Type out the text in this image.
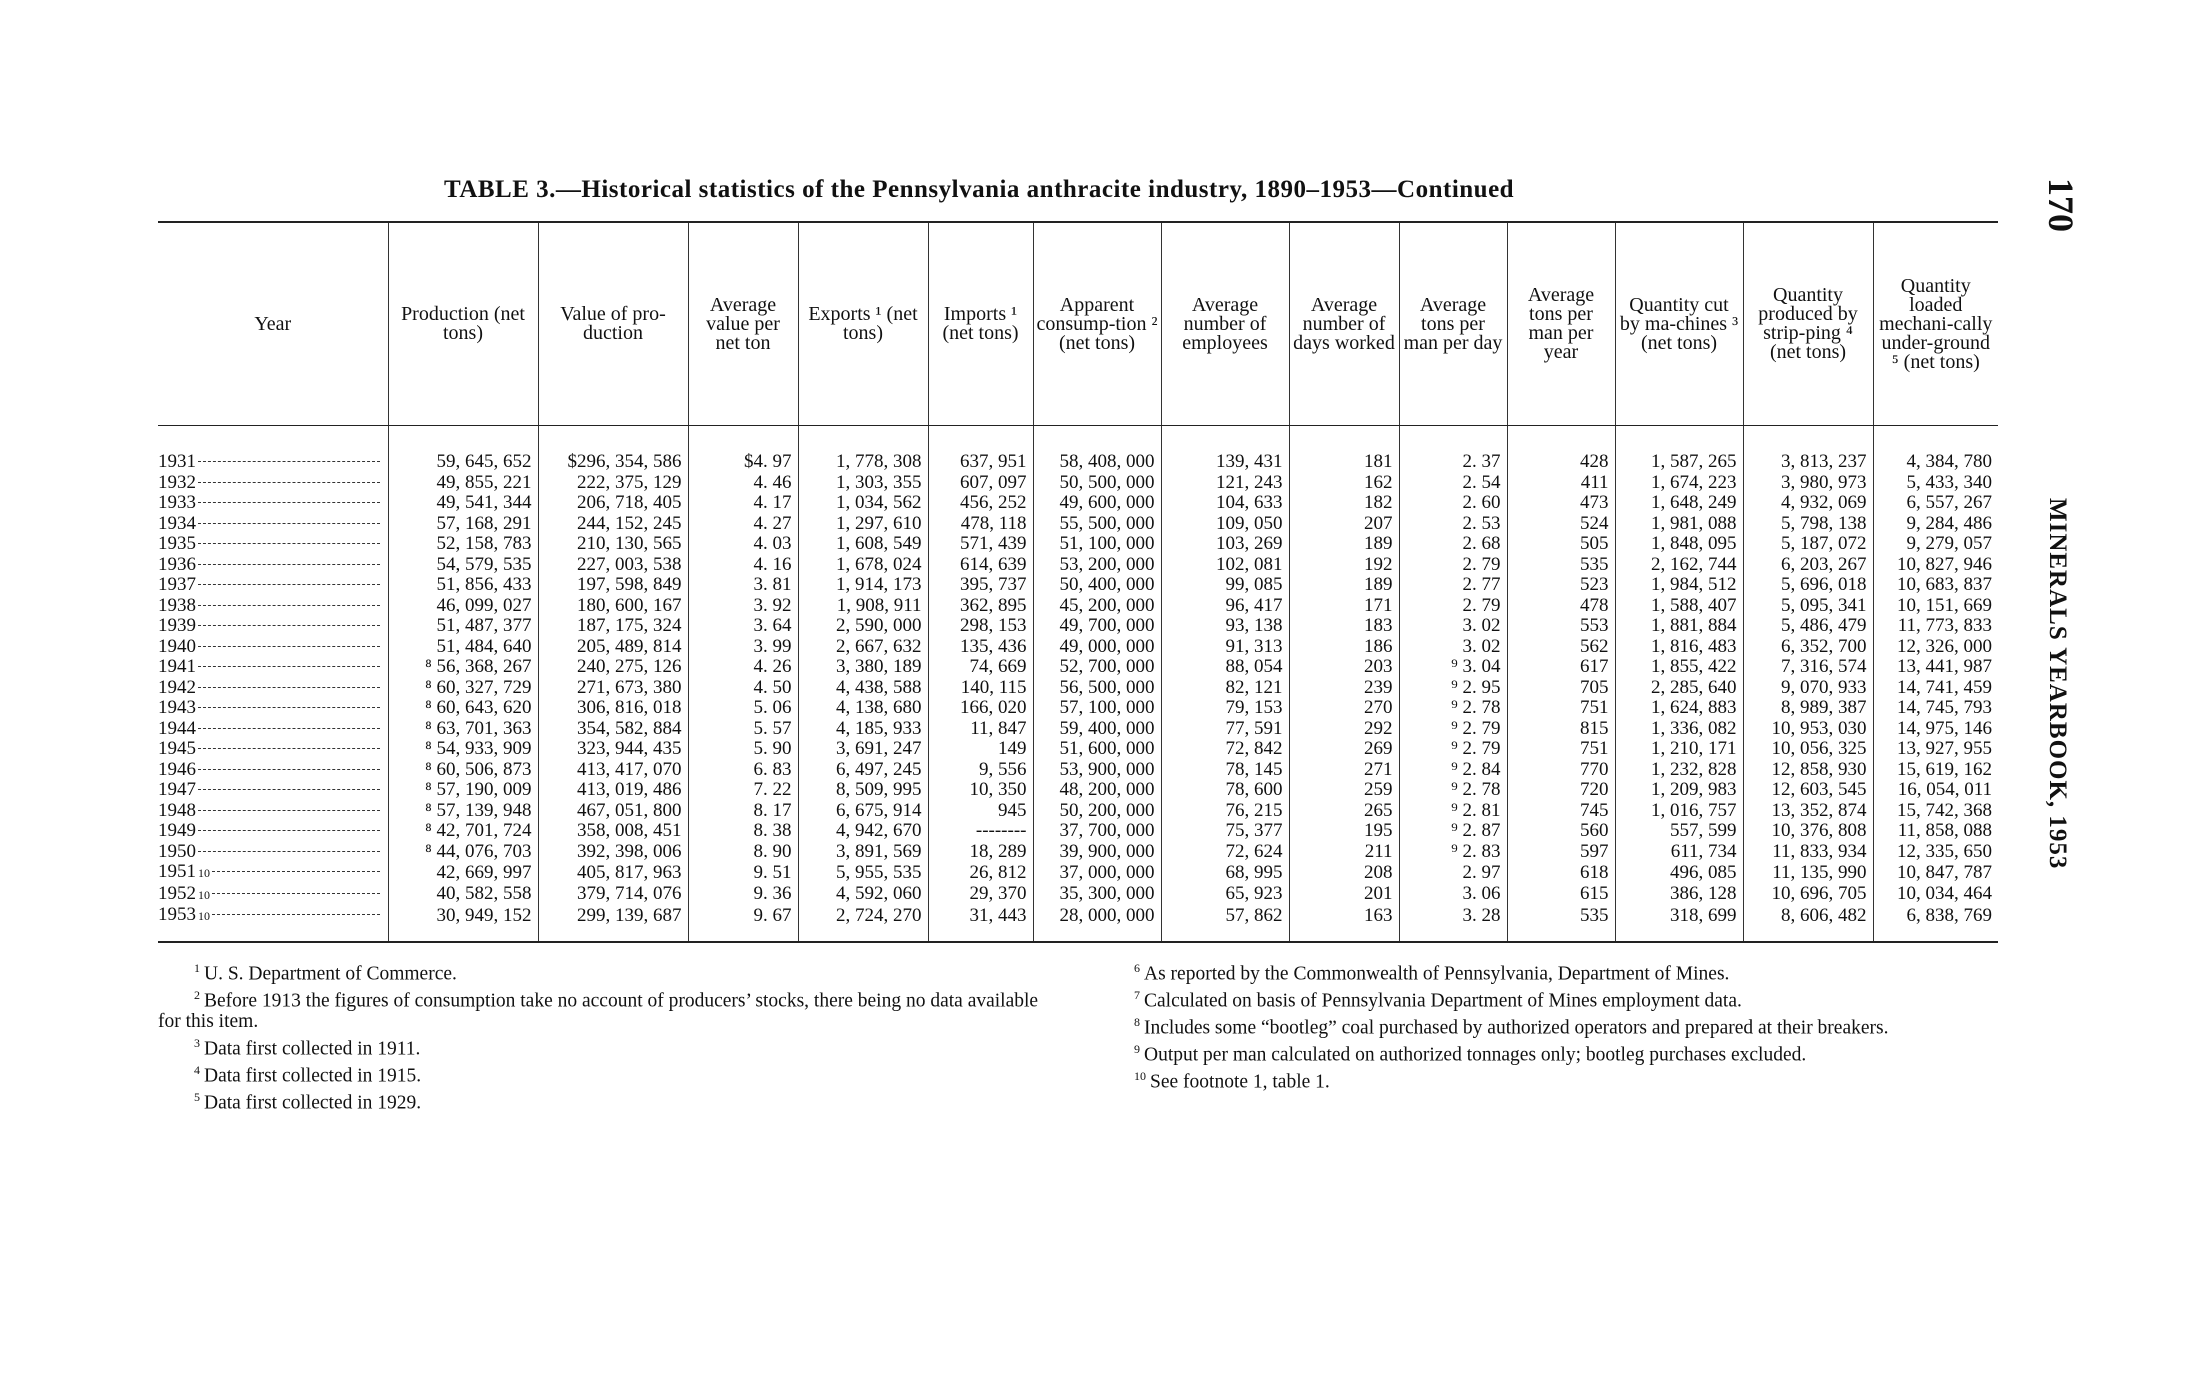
TABLE 3.—Historical statistics of the Pennsylvania anthracite industry, 1890–1953—Continued	170
MINERALS YEARBOOK, 1953
Year	Production (net tons)	Value of pro-duction	Average value per net ton	Exports ¹ (net tons)	Imports ¹ (net tons)	Apparent consump-tion ² (net tons)	Average number of employees	Average number of days worked	Average tons per man per day	Average tons per man per year	Quantity cut by ma-chines ³ (net tons)	Quantity produced by strip-ping ⁴ (net tons)	Quantity loaded mechani-cally under-ground ⁵ (net tons)

1931	59, 645, 652	$296, 354, 586	$4. 97	1, 778, 308	637, 951	58, 408, 000	139, 431	181	2. 37	428	1, 587, 265	3, 813, 237	4, 384, 780

1932	49, 855, 221	222, 375, 129	4. 46	1, 303, 355	607, 097	50, 500, 000	121, 243	162	2. 54	411	1, 674, 223	3, 980, 973	5, 433, 340

1933	49, 541, 344	206, 718, 405	4. 17	1, 034, 562	456, 252	49, 600, 000	104, 633	182	2. 60	473	1, 648, 249	4, 932, 069	6, 557, 267

1934	57, 168, 291	244, 152, 245	4. 27	1, 297, 610	478, 118	55, 500, 000	109, 050	207	2. 53	524	1, 981, 088	5, 798, 138	9, 284, 486

1935	52, 158, 783	210, 130, 565	4. 03	1, 608, 549	571, 439	51, 100, 000	103, 269	189	2. 68	505	1, 848, 095	5, 187, 072	9, 279, 057

1936	54, 579, 535	227, 003, 538	4. 16	1, 678, 024	614, 639	53, 200, 000	102, 081	192	2. 79	535	2, 162, 744	6, 203, 267	10, 827, 946

1937	51, 856, 433	197, 598, 849	3. 81	1, 914, 173	395, 737	50, 400, 000	99, 085	189	2. 77	523	1, 984, 512	5, 696, 018	10, 683, 837

1938	46, 099, 027	180, 600, 167	3. 92	1, 908, 911	362, 895	45, 200, 000	96, 417	171	2. 79	478	1, 588, 407	5, 095, 341	10, 151, 669

1939	51, 487, 377	187, 175, 324	3. 64	2, 590, 000	298, 153	49, 700, 000	93, 138	183	3. 02	553	1, 881, 884	5, 486, 479	11, 773, 833

1940	51, 484, 640	205, 489, 814	3. 99	2, 667, 632	135, 436	49, 000, 000	91, 313	186	3. 02	562	1, 816, 483	6, 352, 700	12, 326, 000

1941	⁸ 56, 368, 267	240, 275, 126	4. 26	3, 380, 189	74, 669	52, 700, 000	88, 054	203	⁹ 3. 04	617	1, 855, 422	7, 316, 574	13, 441, 987

1942	⁸ 60, 327, 729	271, 673, 380	4. 50	4, 438, 588	140, 115	56, 500, 000	82, 121	239	⁹ 2. 95	705	2, 285, 640	9, 070, 933	14, 741, 459

1943	⁸ 60, 643, 620	306, 816, 018	5. 06	4, 138, 680	166, 020	57, 100, 000	79, 153	270	⁹ 2. 78	751	1, 624, 883	8, 989, 387	14, 745, 793

1944	⁸ 63, 701, 363	354, 582, 884	5. 57	4, 185, 933	11, 847	59, 400, 000	77, 591	292	⁹ 2. 79	815	1, 336, 082	10, 953, 030	14, 975, 146

1945	⁸ 54, 933, 909	323, 944, 435	5. 90	3, 691, 247	149	51, 600, 000	72, 842	269	⁹ 2. 79	751	1, 210, 171	10, 056, 325	13, 927, 955

1946	⁸ 60, 506, 873	413, 417, 070	6. 83	6, 497, 245	9, 556	53, 900, 000	78, 145	271	⁹ 2. 84	770	1, 232, 828	12, 858, 930	15, 619, 162

1947	⁸ 57, 190, 009	413, 019, 486	7. 22	8, 509, 995	10, 350	48, 200, 000	78, 600	259	⁹ 2. 78	720	1, 209, 983	12, 603, 545	16, 054, 011

1948	⁸ 57, 139, 948	467, 051, 800	8. 17	6, 675, 914	945	50, 200, 000	76, 215	265	⁹ 2. 81	745	1, 016, 757	13, 352, 874	15, 742, 368

1949	⁸ 42, 701, 724	358, 008, 451	8. 38	4, 942, 670	--------	37, 700, 000	75, 377	195	⁹ 2. 87	560	557, 599	10, 376, 808	11, 858, 088

1950	⁸ 44, 076, 703	392, 398, 006	8. 90	3, 891, 569	18, 289	39, 900, 000	72, 624	211	⁹ 2. 83	597	611, 734	11, 833, 934	12, 335, 650

1951 10	42, 669, 997	405, 817, 963	9. 51	5, 955, 535	26, 812	37, 000, 000	68, 995	208	2. 97	618	496, 085	11, 135, 990	10, 847, 787

1952 10	40, 582, 558	379, 714, 076	9. 36	4, 592, 060	29, 370	35, 300, 000	65, 923	201	3. 06	615	386, 128	10, 696, 705	10, 034, 464

1953 10	30, 949, 152	299, 139, 687	9. 67	2, 724, 270	31, 443	28, 000, 000	57, 862	163	3. 28	535	318, 699	8, 606, 482	6, 838, 769
$^1$ U. S. Department of Commerce.
$^2$ Before 1913 the figures of consumption take no account of producers’ stocks, there being no data available for this item.
$^3$ Data first collected in 1911.
$^4$ Data first collected in 1915.
$^5$ Data first collected in 1929.
$^6$ As reported by the Commonwealth of Pennsylvania, Department of Mines.
$^7$ Calculated on basis of Pennsylvania Department of Mines employment data.
$^8$ Includes some “bootleg” coal purchased by authorized operators and prepared at their breakers.
$^9$ Output per man calculated on authorized tonnages only; bootleg purchases excluded.
$^{10}$ See footnote 1, table 1.
